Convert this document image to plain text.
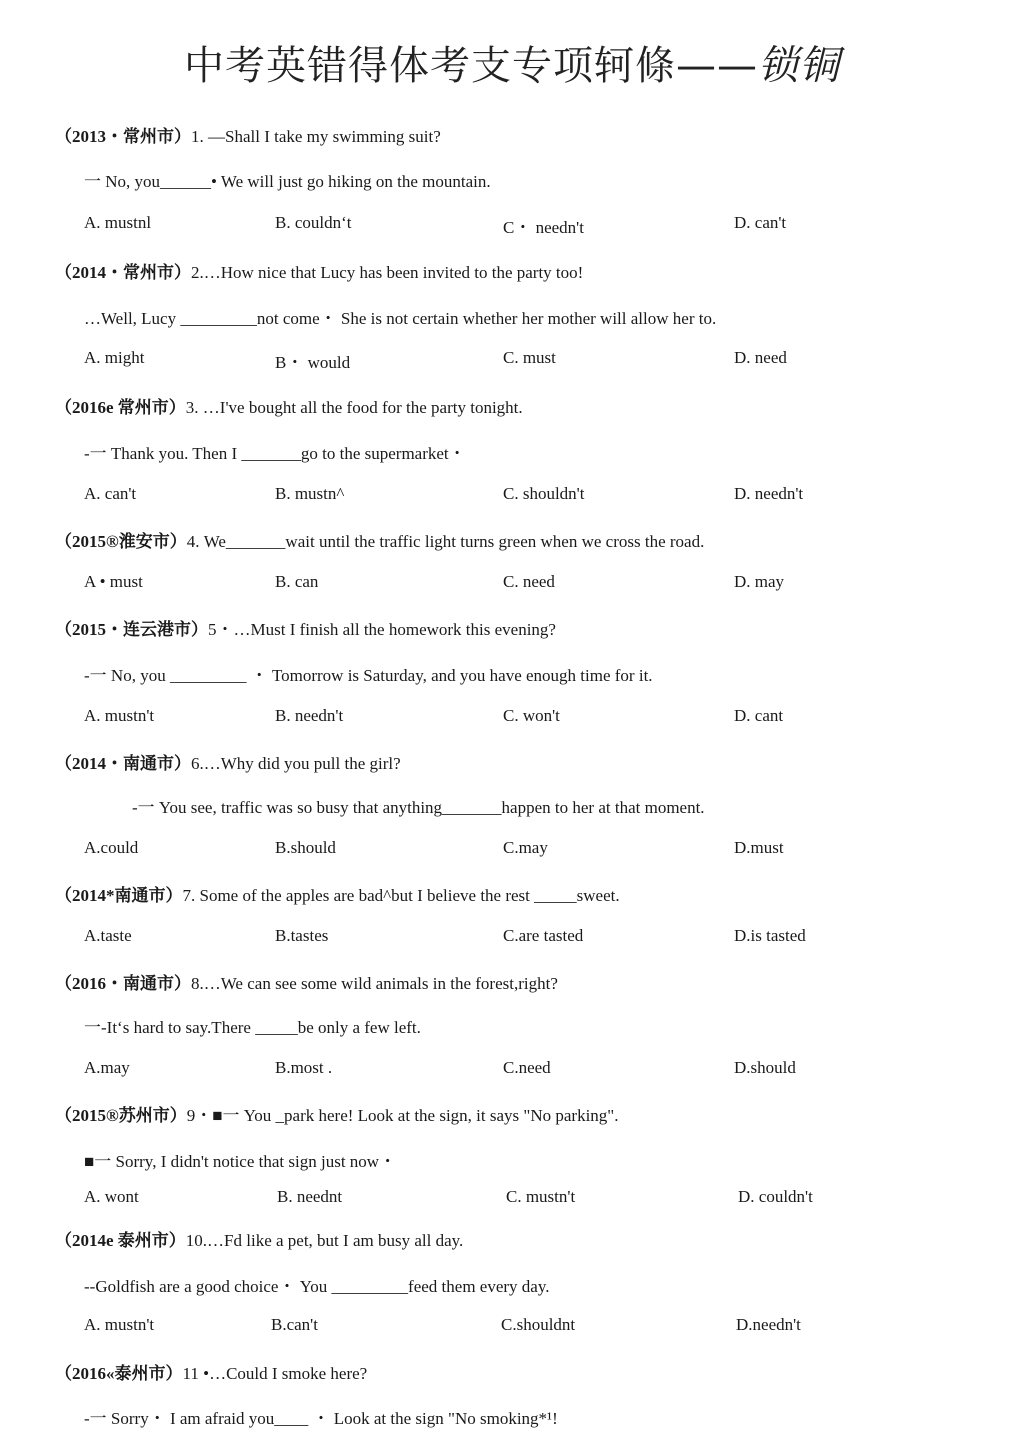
中考英错得体考支专项轲條——锁铜
（2013・常州市）1. —Shall I take my swimming suit?
一 No, you______• We will just go hiking on the mountain.
A. mustnl	B. couldn‘t	C・ needn't	D. can't
（2014・常州市）2.…How nice that Lucy has been invited to the party too!
…Well, Lucy _________not come・ She is not certain whether her mother will allow her to.
A. might	B・ would	C. must	D. need
（2016e 常州市）3. …I've bought all the food for the party tonight.
-一 Thank you. Then I _______go to the supermarket・
A. can't	B. mustn^	C. shouldn't	D. needn't
（2015®淮安市）4. We_______wait until the traffic light turns green when we cross the road.
A • must	B. can	C. need	D. may
（2015・连云港市）5・…Must I finish all the homework this evening?
-一 No, you _________ ・ Tomorrow is Saturday, and you have enough time for it.
A. mustn't	B. needn't	C. won't	D. cant
（2014・南通市）6.…Why did you pull the girl?
-一 You see, traffic was so busy that anything_______happen to her at that moment.
A.could	B.should	C.may	D.must
（2014*南通市）7. Some of the apples are bad^but I believe the rest _____sweet.
A.taste	B.tastes	C.are tasted	D.is tasted
（2016・南通市）8.…We can see some wild animals in the forest,right?
一-It‘s hard to say.There _____be only a few left.
A.may	B.most .	C.need	D.should
（2015®苏州市）9・■一 You _park here! Look at the sign, it says "No parking".
■一 Sorry, I didn't notice that sign just now・
A. wont	B. neednt	C. mustn't	D. couldn't
（2014e 泰州市）10.…Fd like a pet, but I am busy all day.
--Goldfish are a good choice・ You _________feed them every day.
A. mustn't	B.can't	C.shouldnt	D.needn't
（2016«泰州市）11 •…Could I smoke here?
-一 Sorry・ I am afraid you____ ・ Look at the sign "No smoking*¹!
